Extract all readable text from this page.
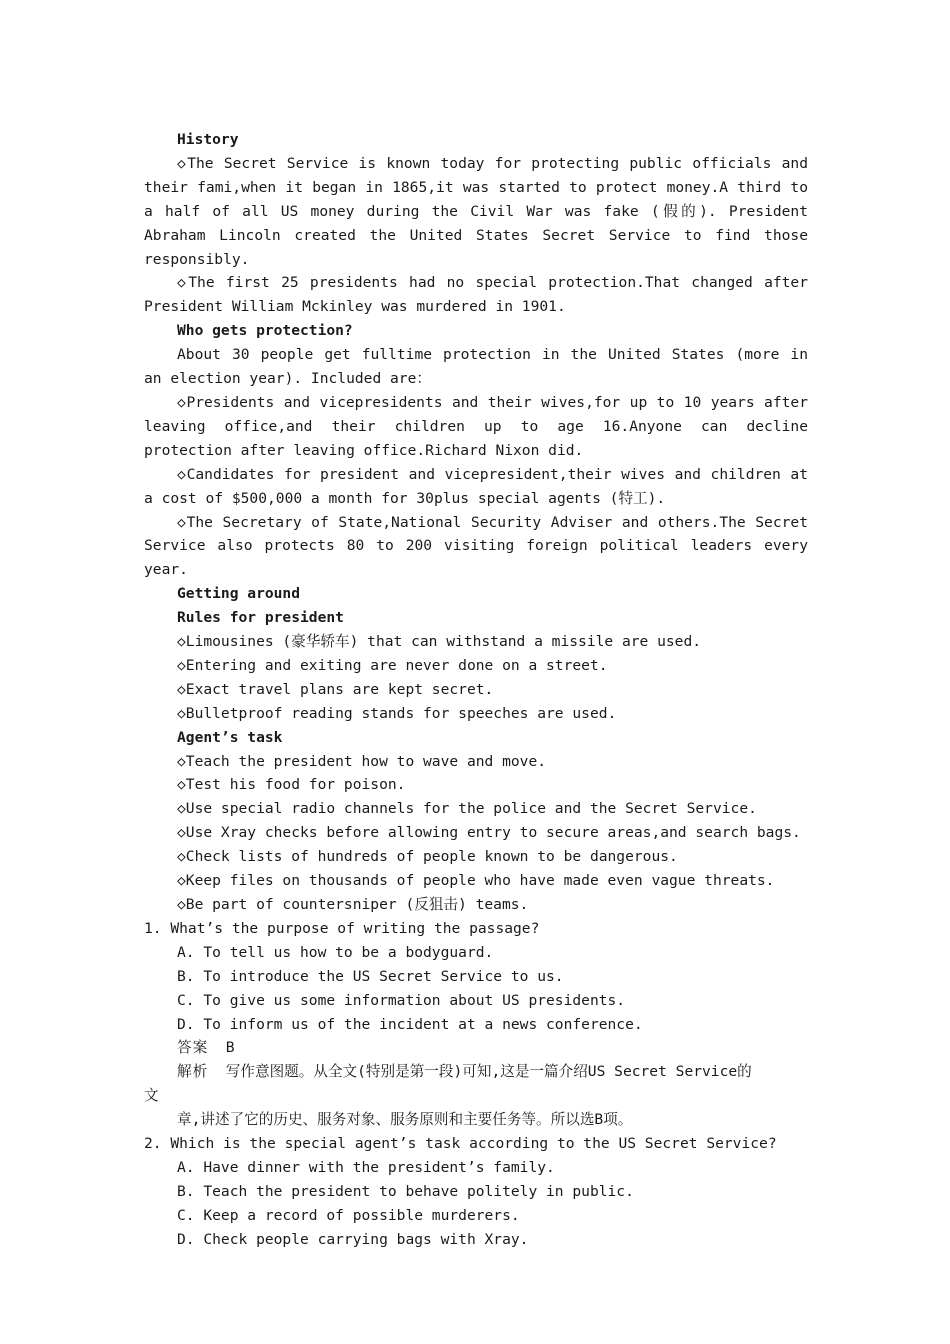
History
◇The Secret Service is known today for protecting public officials and their fami,when it began in 1865,it was started to protect money.A third to a half of all US money during the Civil War was fake (假的). President Abraham Lincoln created the United States Secret Service to find those responsibly.
◇The first 25 presidents had no special protection.That changed after President William Mckinley was murdered in 1901.
Who gets protection?
About 30 people get fulltime protection in the United States (more in an election year). Included are：
◇Presidents and vicepresidents and their wives,for up to 10 years after leaving office,and their children up to age 16.Anyone can decline protection after leaving office.Richard Nixon did.
◇Candidates for president and vicepresident,their wives and children at a cost of $500,000 a month for 30plus special agents (特工).
◇The Secretary of State,National Security Adviser and others.The Secret Service also protects 80 to 200 visiting foreign political leaders every year.
Getting around
Rules for president
◇Limousines (豪华轿车) that can withstand a missile are used.
◇Entering and exiting are never done on a street.
◇Exact travel plans are kept secret.
◇Bulletproof reading stands for speeches are used.
Agent’s task
◇Teach the president how to wave and move.
◇Test his food for poison.
◇Use special radio channels for the police and the Secret Service.
◇Use Xray checks before allowing entry to secure areas,and search bags.
◇Check lists of hundreds of people known to be dangerous.
◇Keep files on thousands of people who have made even vague threats.
◇Be part of countersniper (反狙击) teams.
1. What’s the purpose of writing the passage?
A. To tell us how to be a bodyguard.
B. To introduce the US Secret Service to us.
C. To give us some information about US presidents.
D. To inform us of the incident at a news conference.
答案 B
解析 写作意图题。从全文(特别是第一段)可知,这是一篇介绍US Secret Service的
文
章,讲述了它的历史、服务对象、服务原则和主要任务等。所以选B项。
2. Which is the special agent’s task according to the US Secret Service?
A. Have dinner with the president’s family.
B. Teach the president to behave politely in public.
C. Keep a record of possible murderers.
D. Check people carrying bags with Xray.
